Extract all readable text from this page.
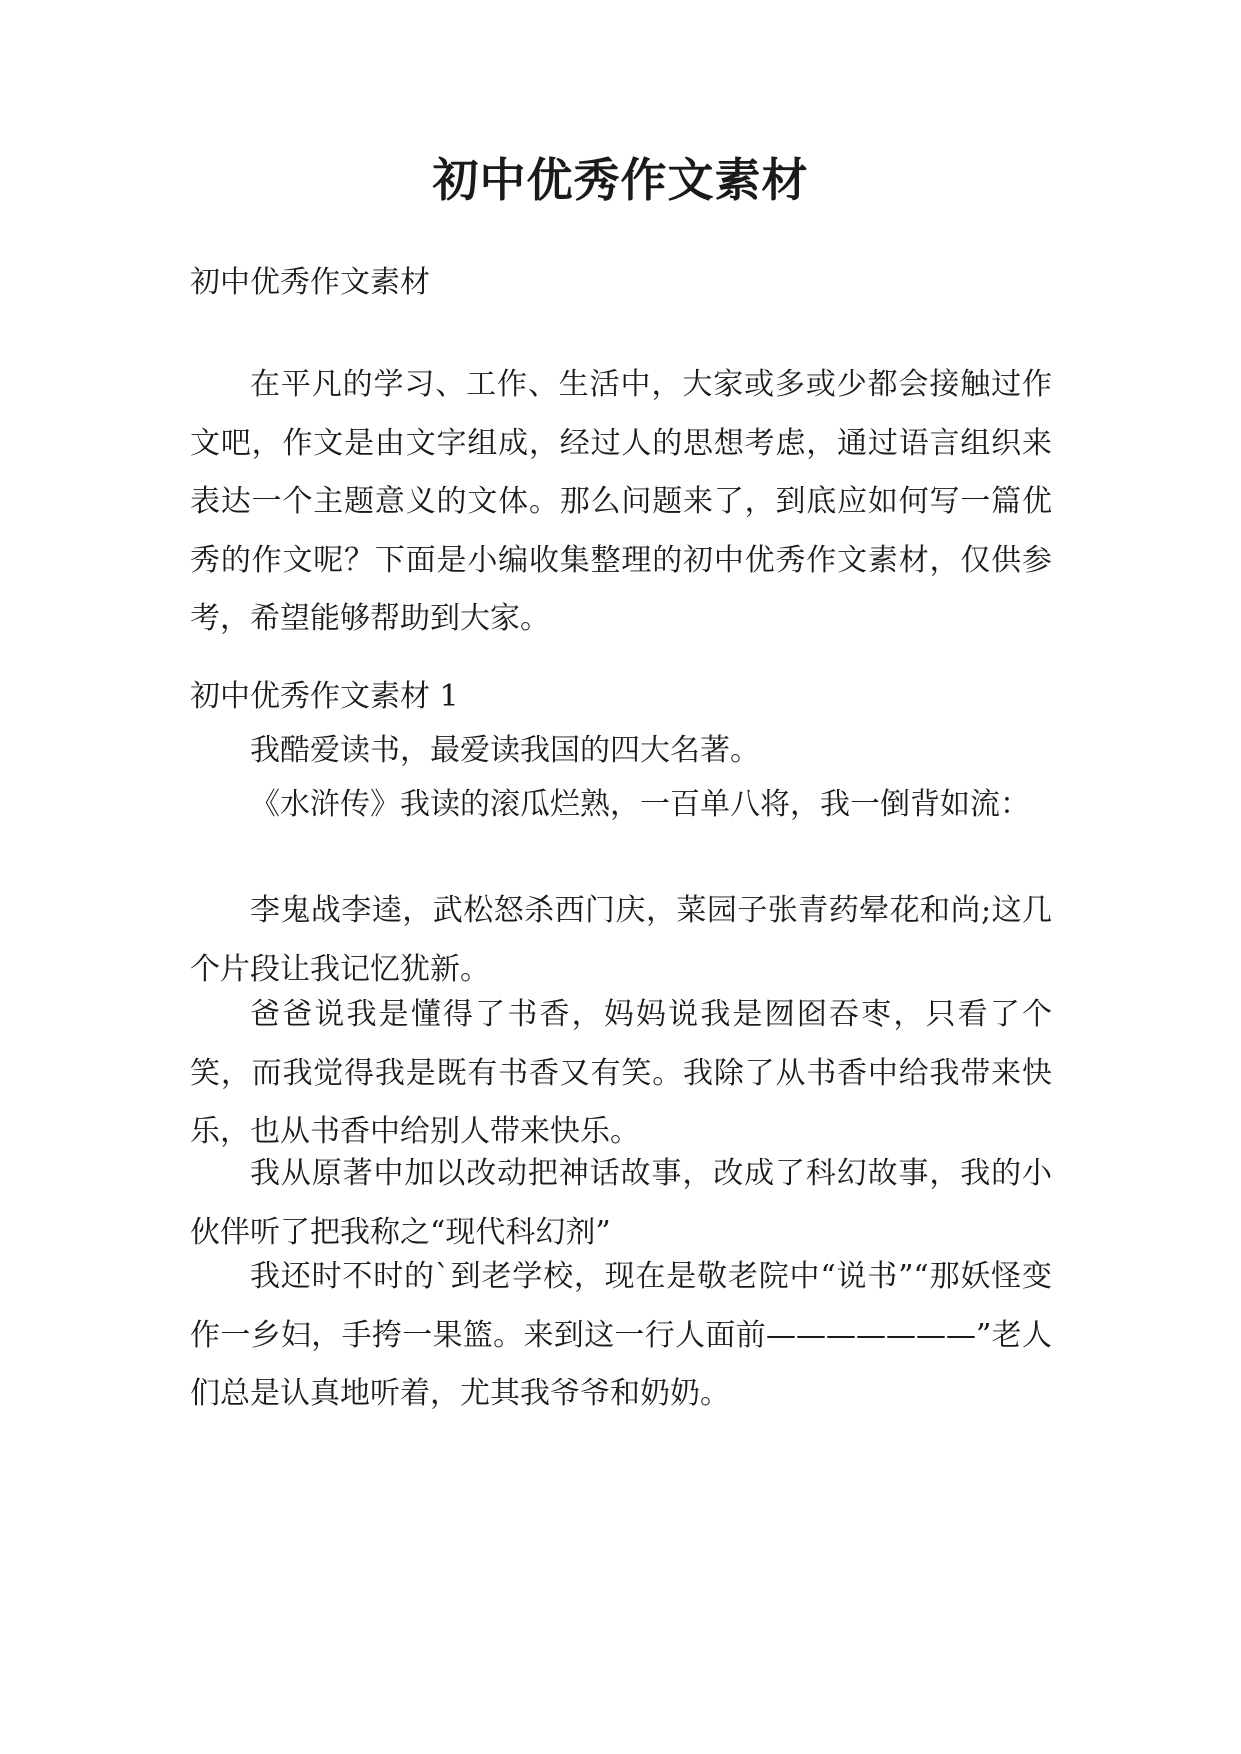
初中优秀作文素材

初中优秀作文素材

在平凡的学习、工作、生活中，大家或多或少都会接触过作文吧，作文是由文字组成，经过人的思想考虑，通过语言组织来表达一个主题意义的文体。那么问题来了，到底应如何写一篇优秀的作文呢？下面是小编收集整理的初中优秀作文素材，仅供参考，希望能够帮助到大家。

初中优秀作文素材 1

我酷爱读书，最爱读我国的四大名著。

《水浒传》我读的滚瓜烂熟，一百单八将，我一倒背如流：

李鬼战李逵，武松怒杀西门庆，菜园子张青药晕花和尚;这几个片段让我记忆犹新。

爸爸说我是懂得了书香，妈妈说我是囫囵吞枣，只看了个笑，而我觉得我是既有书香又有笑。我除了从书香中给我带来快乐，也从书香中给别人带来快乐。

我从原著中加以改动把神话故事，改成了科幻故事，我的小伙伴听了把我称之“现代科幻剂”

我还时不时的`到老学校，现在是敬老院中“说书”“那妖怪变作一乡妇，手挎一果篮。来到这一行人面前———————”老人们总是认真地听着，尤其我爷爷和奶奶。
